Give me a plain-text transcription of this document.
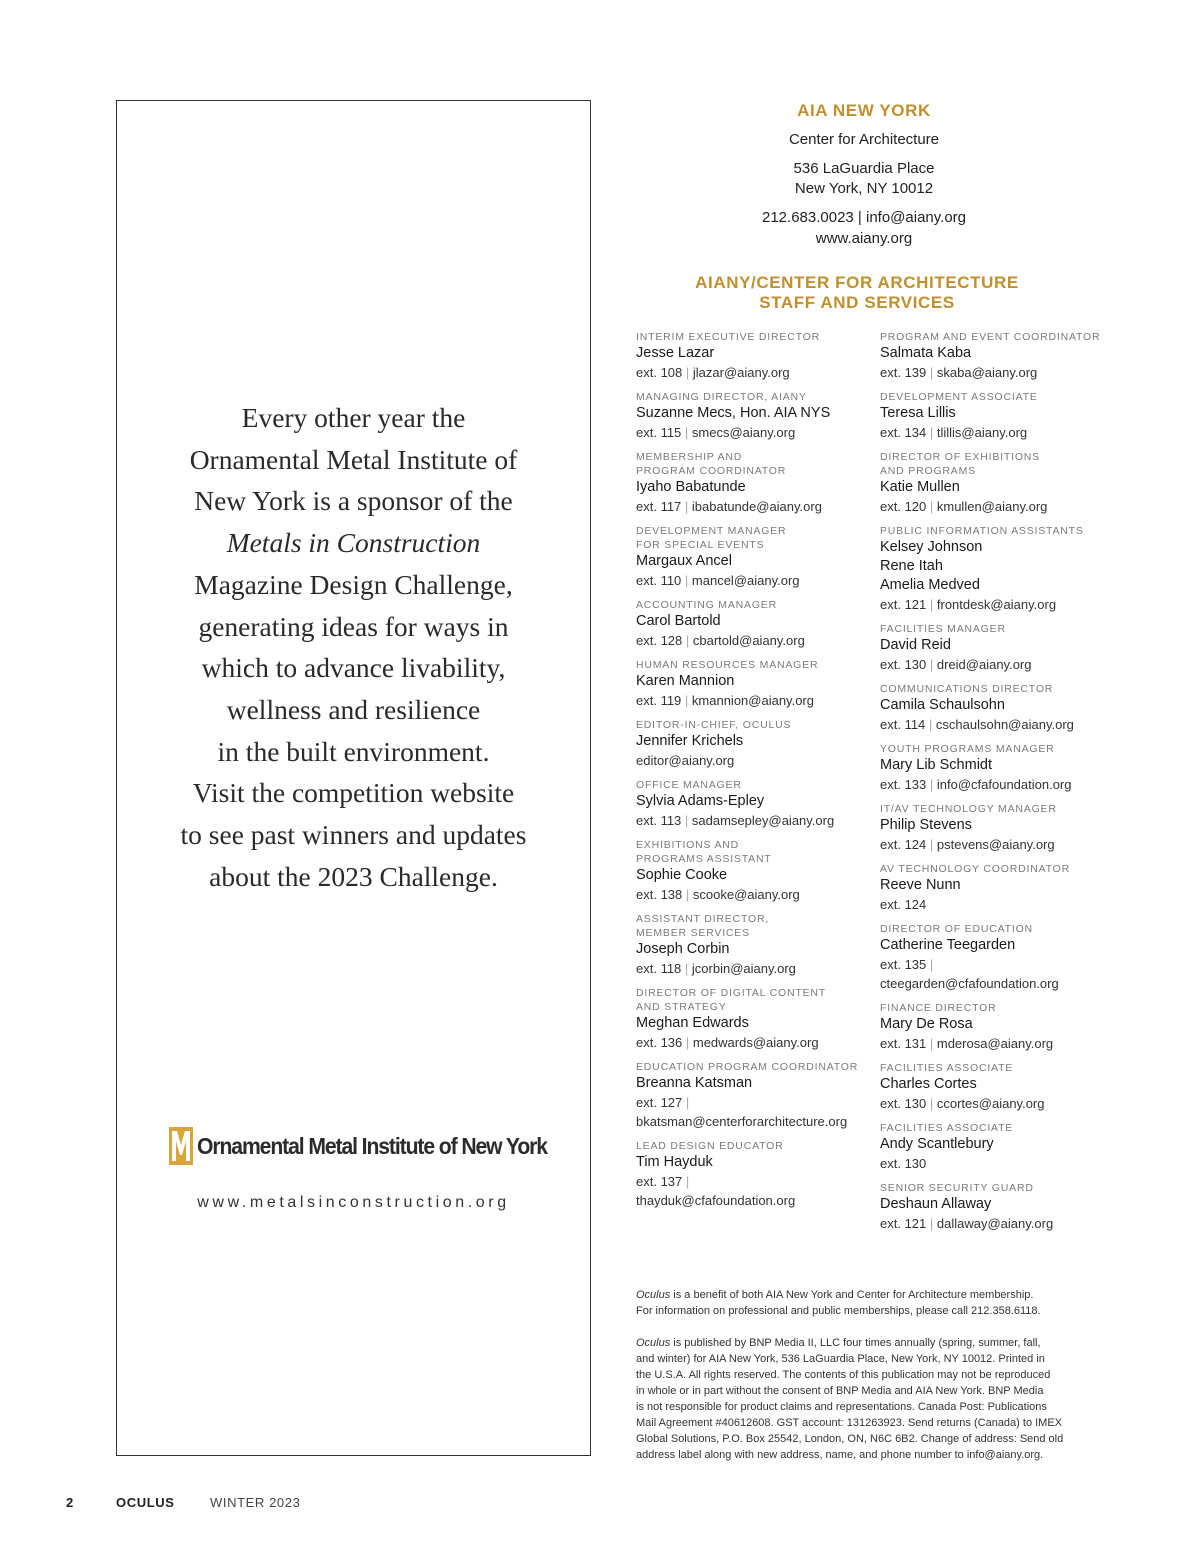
Every other year the
Ornamental Metal Institute of
New York is a sponsor of the
Metals in Construction
Magazine Design Challenge,
generating ideas for ways in
which to advance livability,
wellness and resilience
in the built environment.
Visit the competition website
to see past winners and updates
about the 2023 Challenge.
Ornamental Metal Institute of New York
www.metalsinconstruction.org
AIA NEW YORK
Center for Architecture
536 LaGuardia Place
New York, NY 10012
212.683.0023 | info@aiany.org
www.aiany.org
AIANY/CENTER FOR ARCHITECTURE
STAFF AND SERVICES
INTERIM EXECUTIVE DIRECTOR
Jesse Lazar
ext. 108 | jlazar@aiany.org
MANAGING DIRECTOR, AIANY
Suzanne Mecs, Hon. AIA NYS
ext. 115 | smecs@aiany.org
MEMBERSHIP AND
PROGRAM COORDINATOR
Iyaho Babatunde
ext. 117 | ibabatunde@aiany.org
DEVELOPMENT MANAGER
FOR SPECIAL EVENTS
Margaux Ancel
ext. 110 | mancel@aiany.org
ACCOUNTING MANAGER
Carol Bartold
ext. 128 | cbartold@aiany.org
HUMAN RESOURCES MANAGER
Karen Mannion
ext. 119 | kmannion@aiany.org
EDITOR-IN-CHIEF, OCULUS
Jennifer Krichels
editor@aiany.org
OFFICE MANAGER
Sylvia Adams-Epley
ext. 113 | sadamsepley@aiany.org
EXHIBITIONS AND
PROGRAMS ASSISTANT
Sophie Cooke
ext. 138 | scooke@aiany.org
ASSISTANT DIRECTOR,
MEMBER SERVICES
Joseph Corbin
ext. 118 | jcorbin@aiany.org
DIRECTOR OF DIGITAL CONTENT
AND STRATEGY
Meghan Edwards
ext. 136 | medwards@aiany.org
EDUCATION PROGRAM COORDINATOR
Breanna Katsman
ext. 127 |
bkatsman@centerforarchitecture.org
LEAD DESIGN EDUCATOR
Tim Hayduk
ext. 137 |
thayduk@cfafoundation.org
PROGRAM AND EVENT COORDINATOR
Salmata Kaba
ext. 139 | skaba@aiany.org
DEVELOPMENT ASSOCIATE
Teresa Lillis
ext. 134 | tlillis@aiany.org
DIRECTOR OF EXHIBITIONS
AND PROGRAMS
Katie Mullen
ext. 120 | kmullen@aiany.org
PUBLIC INFORMATION ASSISTANTS
Kelsey Johnson
Rene Itah
Amelia Medved
ext. 121 | frontdesk@aiany.org
FACILITIES MANAGER
David Reid
ext. 130 | dreid@aiany.org
COMMUNICATIONS DIRECTOR
Camila Schaulsohn
ext. 114 | cschaulsohn@aiany.org
YOUTH PROGRAMS MANAGER
Mary Lib Schmidt
ext. 133 | info@cfafoundation.org
IT/AV TECHNOLOGY MANAGER
Philip Stevens
ext. 124 | pstevens@aiany.org
AV TECHNOLOGY COORDINATOR
Reeve Nunn
ext. 124
DIRECTOR OF EDUCATION
Catherine Teegarden
ext. 135 |
cteegarden@cfafoundation.org
FINANCE DIRECTOR
Mary De Rosa
ext. 131 | mderosa@aiany.org
FACILITIES ASSOCIATE
Charles Cortes
ext. 130 | ccortes@aiany.org
FACILITIES ASSOCIATE
Andy Scantlebury
ext. 130
SENIOR SECURITY GUARD
Deshaun Allaway
ext. 121 | dallaway@aiany.org
Oculus is a benefit of both AIA New York and Center for Architecture membership.
For information on professional and public memberships, please call 212.358.6118.
Oculus is published by BNP Media II, LLC four times annually (spring, summer, fall,
and winter) for AIA New York, 536 LaGuardia Place, New York, NY 10012. Printed in
the U.S.A. All rights reserved. The contents of this publication may not be reproduced
in whole or in part without the consent of BNP Media and AIA New York. BNP Media
is not responsible for product claims and representations. Canada Post: Publications
Mail Agreement #40612608. GST account: 131263923. Send returns (Canada) to IMEX
Global Solutions, P.O. Box 25542, London, ON, N6C 6B2. Change of address: Send old
address label along with new address, name, and phone number to info@aiany.org.
2	OCULUS	WINTER 2023
